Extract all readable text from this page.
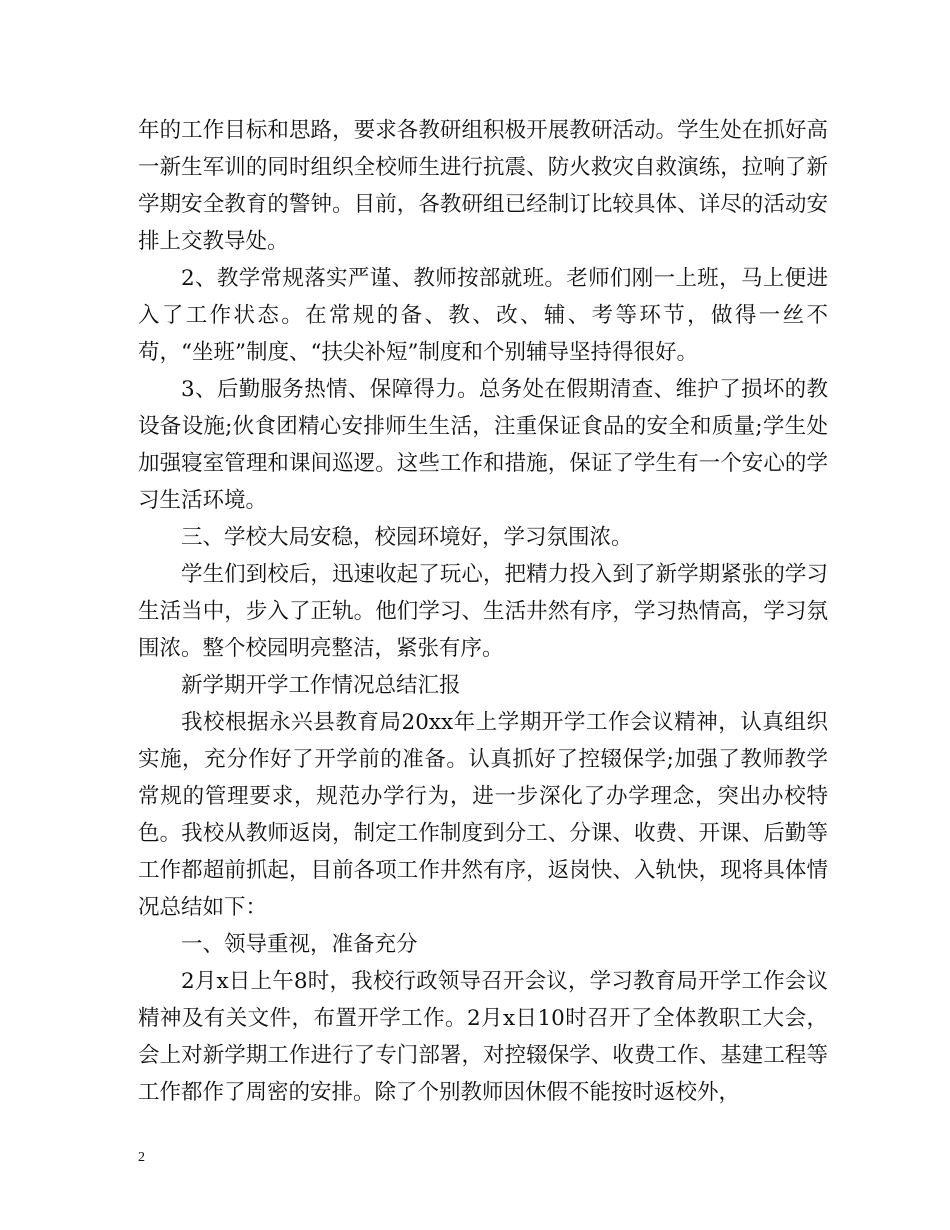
年的工作目标和思路，要求各教研组积极开展教研活动。学生处在抓好高一新生军训的同时组织全校师生进行抗震、防火救灾自救演练，拉响了新学期安全教育的警钟。目前，各教研组已经制订比较具体、详尽的活动安排上交教导处。

2、教学常规落实严谨、教师按部就班。老师们刚一上班，马上便进入了工作状态。在常规的备、教、改、辅、考等环节，做得一丝不苟，“坐班”制度、“扶尖补短”制度和个别辅导坚持得很好。

3、后勤服务热情、保障得力。总务处在假期清查、维护了损坏的教设备设施;伙食团精心安排师生生活，注重保证食品的安全和质量;学生处加强寝室管理和课间巡逻。这些工作和措施，保证了学生有一个安心的学习生活环境。

三、学校大局安稳，校园环境好，学习氛围浓。

学生们到校后，迅速收起了玩心，把精力投入到了新学期紧张的学习生活当中，步入了正轨。他们学习、生活井然有序，学习热情高，学习氛围浓。整个校园明亮整洁，紧张有序。

新学期开学工作情况总结汇报

我校根据永兴县教育局20xx年上学期开学工作会议精神，认真组织实施，充分作好了开学前的准备。认真抓好了控辍保学;加强了教师教学常规的管理要求，规范办学行为，进一步深化了办学理念，突出办校特色。我校从教师返岗，制定工作制度到分工、分课、收费、开课、后勤等工作都超前抓起，目前各项工作井然有序，返岗快、入轨快，现将具体情况总结如下：

一、领导重视，准备充分

2月x日上午8时，我校行政领导召开会议，学习教育局开学工作会议精神及有关文件，布置开学工作。2月x日10时召开了全体教职工大会，会上对新学期工作进行了专门部署，对控辍保学、收费工作、基建工程等工作都作了周密的安排。除了个别教师因休假不能按时返校外，

2
